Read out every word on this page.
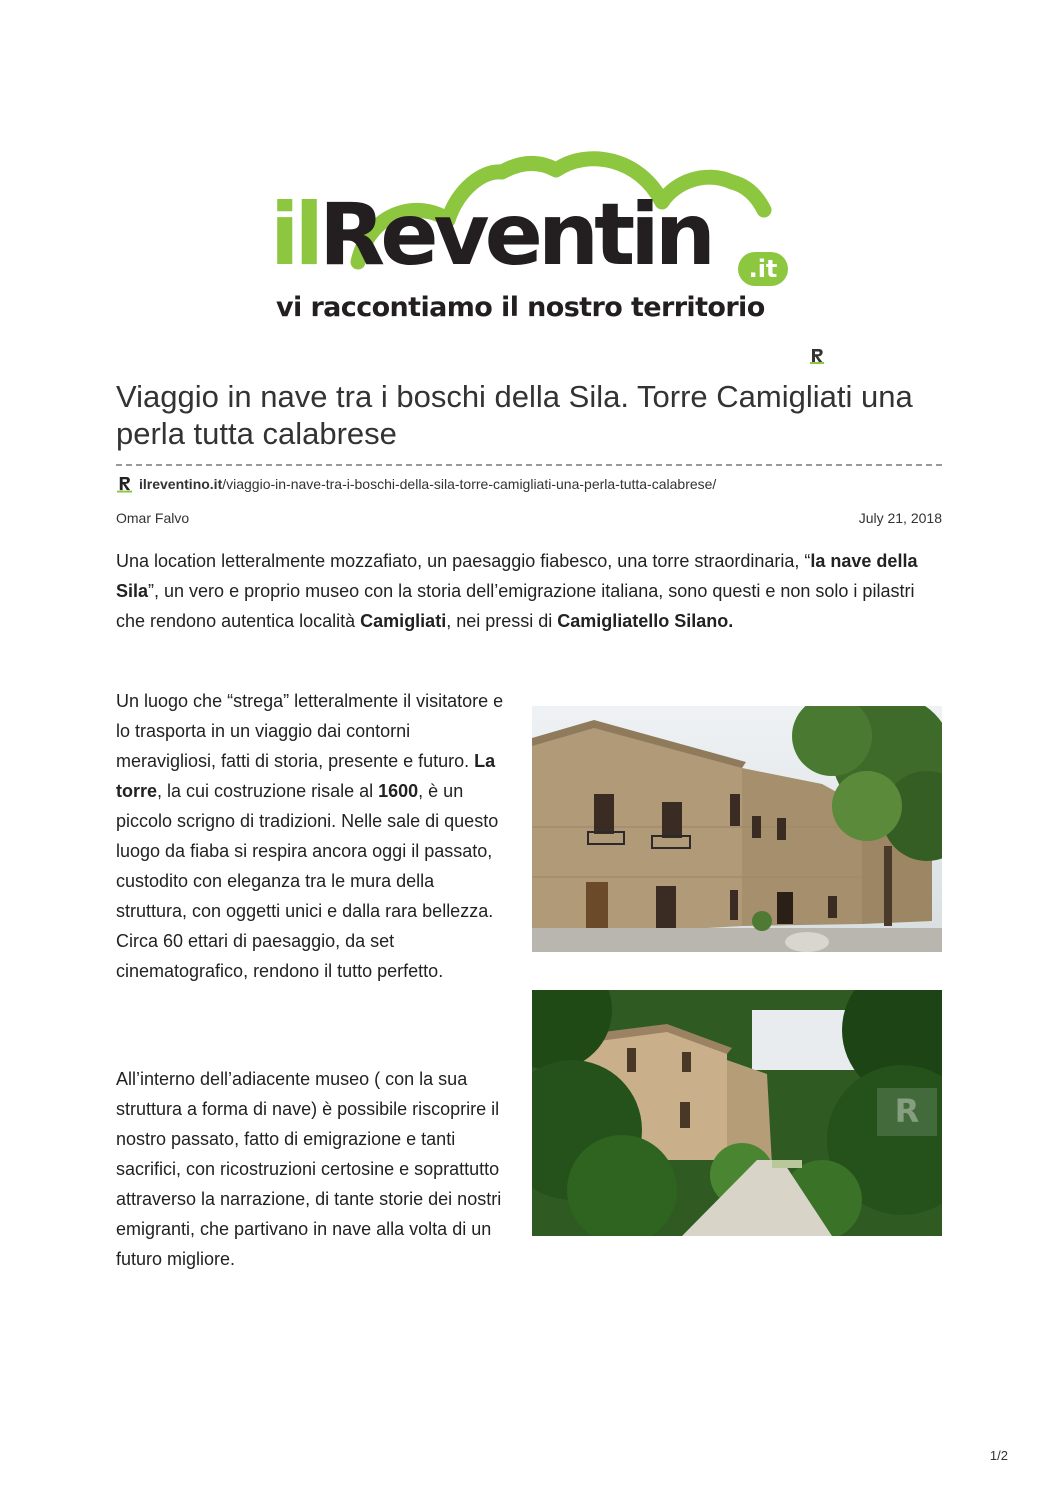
ilReventin	.it
vi raccontiamo il nostro territorio
Viaggio in nave tra i boschi della Sila. Torre Camigliati una perla tutta calabrese
ilreventino.it /viaggio-in-nave-tra-i-boschi-della-sila-torre-camigliati-una-perla-tutta-calabrese/
Omar Falvo	July 21, 2018

Una location letteralmente mozzafiato, un paesaggio fiabesco, una torre straordinaria, “la nave della Sila”, un vero e proprio museo con la storia dell’emigrazione italiana, sono questi e non solo i pilastri che rendono autentica località Camigliati, nei pressi di Camigliatello Silano.

Un luogo che “strega” letteralmente il visitatore e lo trasporta in un viaggio dai contorni meravigliosi, fatti di storia, presente e futuro. La torre, la cui costruzione risale al 1600, è un piccolo scrigno di tradizioni. Nelle sale di questo luogo da fiaba si respira ancora oggi il passato, custodito con eleganza tra le mura della struttura, con oggetti unici e dalla rara bellezza. Circa 60 ettari di paesaggio, da set cinematografico, rendono il tutto perfetto.

All’interno dell’adiacente museo ( con la sua struttura a forma di nave) è possibile riscoprire il nostro passato, fatto di emigrazione e tanti sacrifici, con ricostruzioni certosine e soprattutto attraverso la narrazione, di tante storie dei nostri emigranti, che partivano in nave alla volta di un futuro migliore.

R
1/2
